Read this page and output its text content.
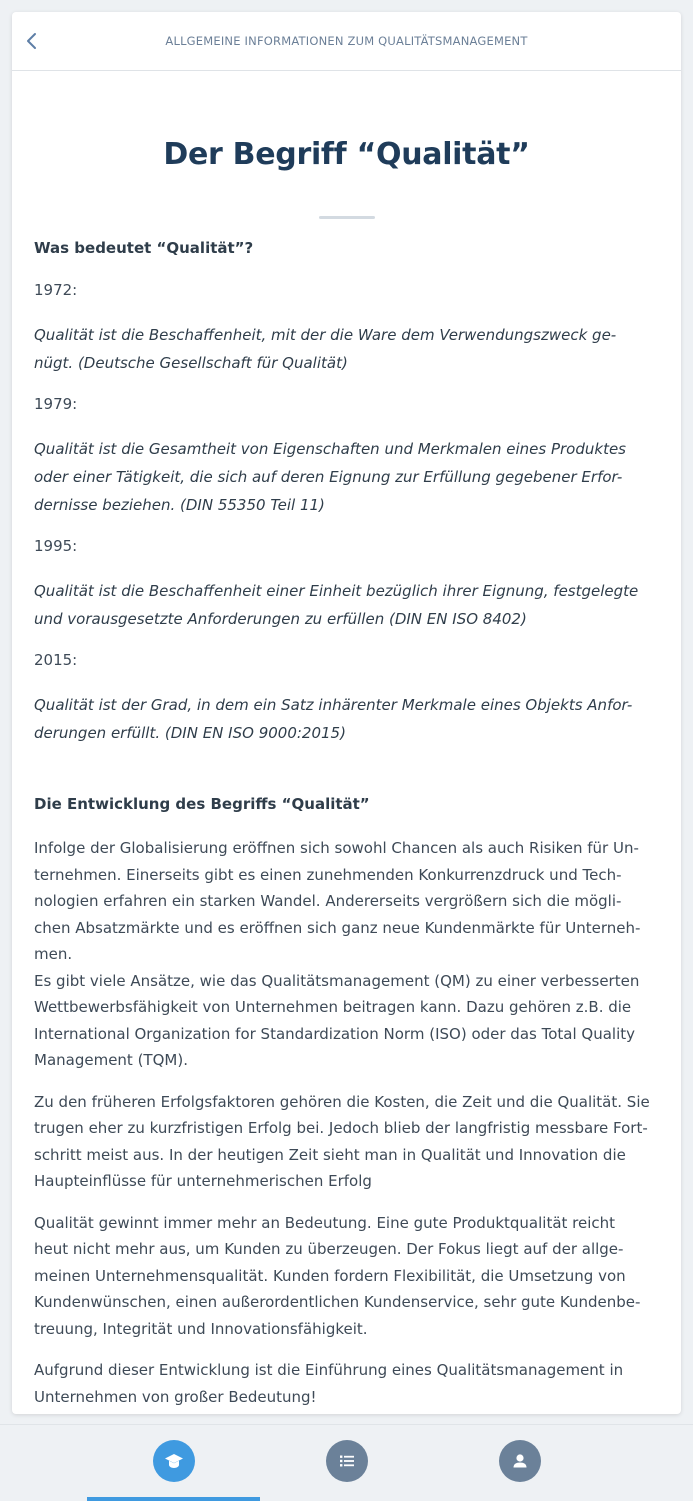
ALLGEMEINE INFORMATIONEN ZUM QUALITÄTSMANAGEMENT
Der Begriff “Qualität”

Was bedeutet “Qualität”?

1972:

Qualität ist die Beschaffenheit, mit der die Ware dem Verwendungszweck ge-

nügt. (Deutsche Gesellschaft für Qualität)

1979:

Qualität ist die Gesamtheit von Eigenschaften und Merkmalen eines Produktes

oder einer Tätigkeit, die sich auf deren Eignung zur Erfüllung gegebener Erfor-

dernisse beziehen. (DIN 55350 Teil 11)

1995:

Qualität ist die Beschaffenheit einer Einheit bezüglich ihrer Eignung, festgelegte

und vorausgesetzte Anforderungen zu erfüllen (DIN EN ISO 8402)

2015:

Qualität ist der Grad, in dem ein Satz inhärenter Merkmale eines Objekts Anfor-

derungen erfüllt. (DIN EN ISO 9000:2015)

Die Entwicklung des Begriffs “Qualität”

Infolge der Globalisierung eröffnen sich sowohl Chancen als auch Risiken für Un-

ternehmen. Einerseits gibt es einen zunehmenden Konkurrenzdruck und Tech-

nologien erfahren ein starken Wandel. Andererseits vergrößern sich die mögli-

chen Absatzmärkte und es eröffnen sich ganz neue Kundenmärkte für Unterneh-

men.

Es gibt viele Ansätze, wie das Qualitätsmanagement (QM) zu einer verbesserten

Wettbewerbsfähigkeit von Unternehmen beitragen kann. Dazu gehören z.B. die

International Organization for Standardization Norm (ISO) oder das Total Quality

Management (TQM).

Zu den früheren Erfolgsfaktoren gehören die Kosten, die Zeit und die Qualität. Sie

trugen eher zu kurzfristigen Erfolg bei. Jedoch blieb der langfristig messbare Fort-

schritt meist aus. In der heutigen Zeit sieht man in Qualität und Innovation die

Haupteinflüsse für unternehmerischen Erfolg

Qualität gewinnt immer mehr an Bedeutung. Eine gute Produktqualität reicht

heut nicht mehr aus, um Kunden zu überzeugen. Der Fokus liegt auf der allge-

meinen Unternehmensqualität. Kunden fordern Flexibilität, die Umsetzung von

Kundenwünschen, einen außerordentlichen Kundenservice, sehr gute Kundenbe-

treuung, Integrität und Innovationsfähigkeit.

Aufgrund dieser Entwicklung ist die Einführung eines Qualitätsmanagement in

Unternehmen von großer Bedeutung!
